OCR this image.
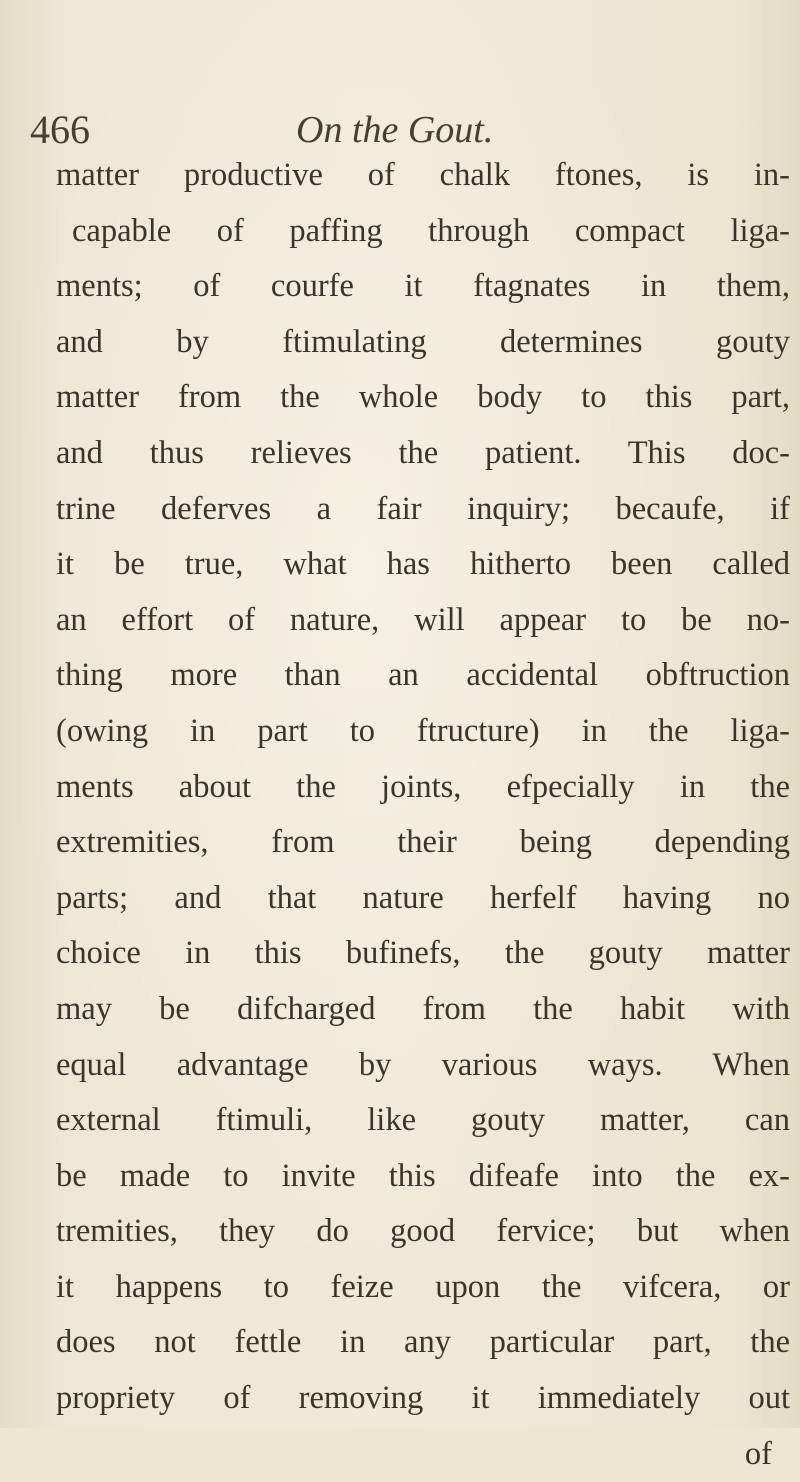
466	On the Gout.
matter productive of chalk ftones, is in-
capable of paffing through compact liga-
ments; of courfe it ftagnates in them,
and by ftimulating determines gouty
matter from the whole body to this part,
and thus relieves the patient. This doc-
trine deferves a fair inquiry; becaufe, if
it be true, what has hitherto been called
an effort of nature, will appear to be no-
thing more than an accidental obftruction
(owing in part to ftructure) in the liga-
ments about the joints, efpecially in the
extremities, from their being depending
parts; and that nature herfelf having no
choice in this bufinefs, the gouty matter
may be difcharged from the habit with
equal advantage by various ways. When
external ftimuli, like gouty matter, can
be made to invite this difeafe into the ex-
tremities, they do good fervice; but when
it happens to feize upon the vifcera, or
does not fettle in any particular part, the
propriety of removing it immediately out
of
